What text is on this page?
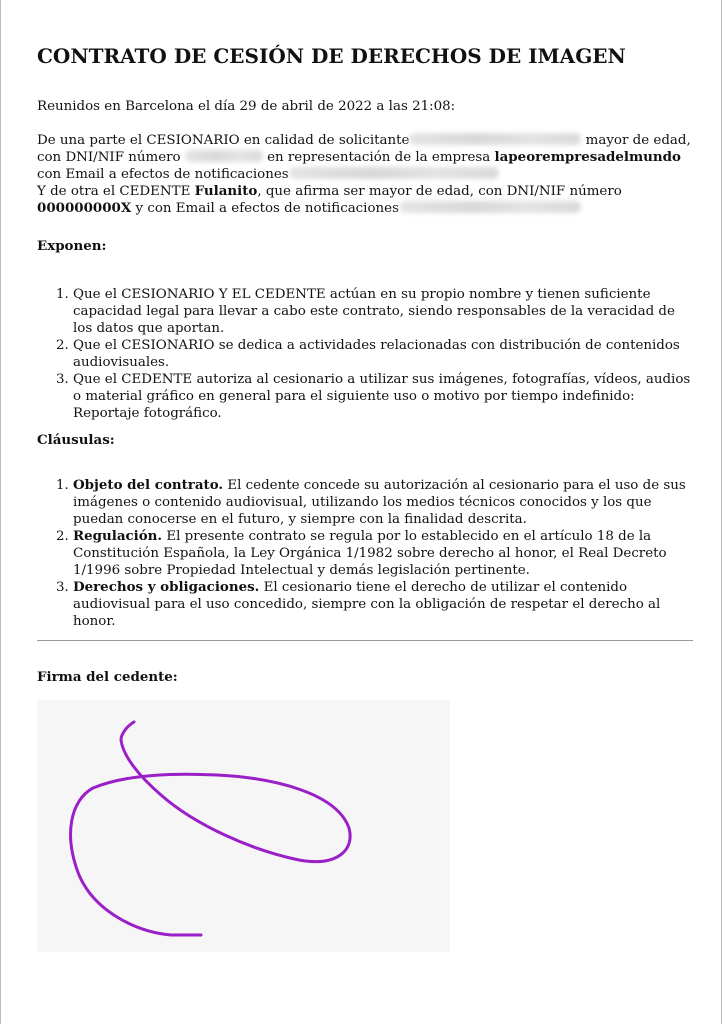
CONTRATO DE CESIÓN DE DERECHOS DE IMAGEN

Reunidos en Barcelona el día 29 de abril de 2022 a las 21:08:

De una parte el CESIONARIO en calidad de solicitante	mayor de edad, con DNI/NIF número	en representación de la empresa lapeorempresadelmundo con Email a efectos de notificaciones
Y de otra el CEDENTE Fulanito, que afirma ser mayor de edad, con DNI/NIF número 000000000X y con Email a efectos de notificaciones

Exponen:

1. Que el CESIONARIO Y EL CEDENTE actúan en su propio nombre y tienen suficiente capacidad legal para llevar a cabo este contrato, siendo responsables de la veracidad de los datos que aportan.
2. Que el CESIONARIO se dedica a actividades relacionadas con distribución de contenidos audiovisuales.
3. Que el CEDENTE autoriza al cesionario a utilizar sus imágenes, fotografías, vídeos, audios o material gráfico en general para el siguiente uso o motivo por tiempo indefinido: Reportaje fotográfico.

Cláusulas:

1. Objeto del contrato. El cedente concede su autorización al cesionario para el uso de sus imágenes o contenido audiovisual, utilizando los medios técnicos conocidos y los que puedan conocerse en el futuro, y siempre con la finalidad descrita.
2. Regulación. El presente contrato se regula por lo establecido en el artículo 18 de la Constitución Española, la Ley Orgánica 1/1982 sobre derecho al honor, el Real Decreto 1/1996 sobre Propiedad Intelectual y demás legislación pertinente.
3. Derechos y obligaciones. El cesionario tiene el derecho de utilizar el contenido audiovisual para el uso concedido, siempre con la obligación de respetar el derecho al honor.

Firma del cedente:
